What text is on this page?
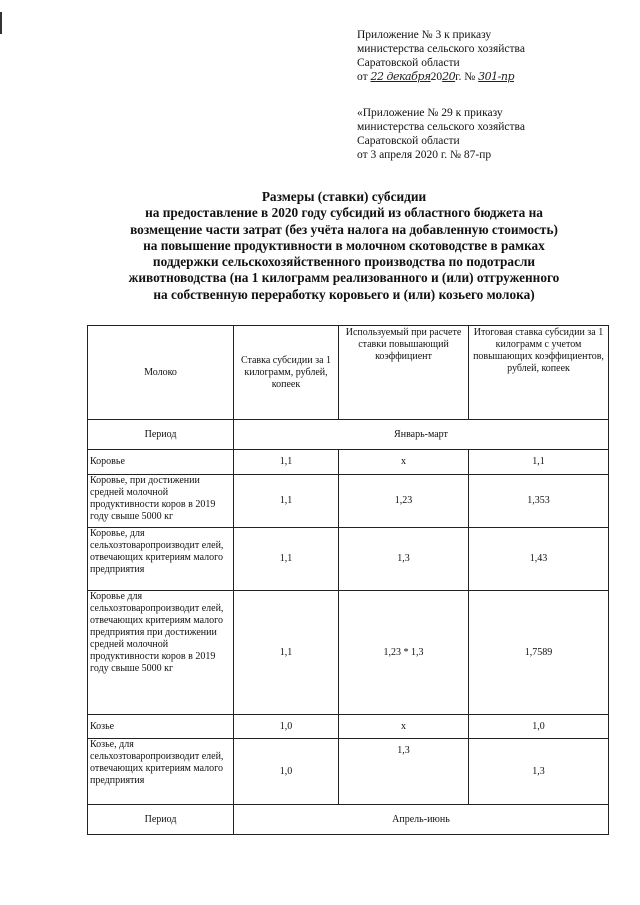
Приложение № 3 к приказу
министерства сельского хозяйства
Саратовской области
от 22 декабря2020г. № 301-пр
«Приложение № 29 к приказу
министерства сельского хозяйства
Саратовской области
от 3 апреля 2020 г. № 87-пр
Размеры (ставки) субсидии
на предоставление в 2020 году субсидий из областного бюджета на
возмещение части затрат (без учёта налога на добавленную стоимость)
на повышение продуктивности в молочном скотоводстве в рамках
поддержки сельскохозяйственного производства по подотрасли
животноводства (на 1 килограмм реализованного и (или) отгруженного
на собственную переработку коровьего и (или) козьего молока)
Молоко	Ставка субсидии за 1 килограмм, рублей, копеек	Используемый при расчете ставки повышающий коэффициент	Итоговая ставка субсидии за 1 килограмм с учетом повышающих коэффициентов, рублей, копеек
Период	Январь-март		
Коровье	1,1	х	1,1
Коровье, при достижении средней молочной продуктивности коров в 2019 году свыше 5000 кг	1,1	1,23	1,353
Коровье, для сельхозтоваропроизводит елей, отвечающих критериям малого предприятия	1,1	1,3	1,43
Коровье для сельхозтоваропроизводит елей, отвечающих критериям малого предприятия при достижении средней молочной продуктивности коров в 2019 году свыше 5000 кг	1,1	1,23 * 1,3	1,7589
Козье	1,0	х	1,0
Козье, для сельхозтоваропроизводит елей, отвечающих критериям малого предприятия	1,0	1,3	1,3
Период	Апрель-июнь		
